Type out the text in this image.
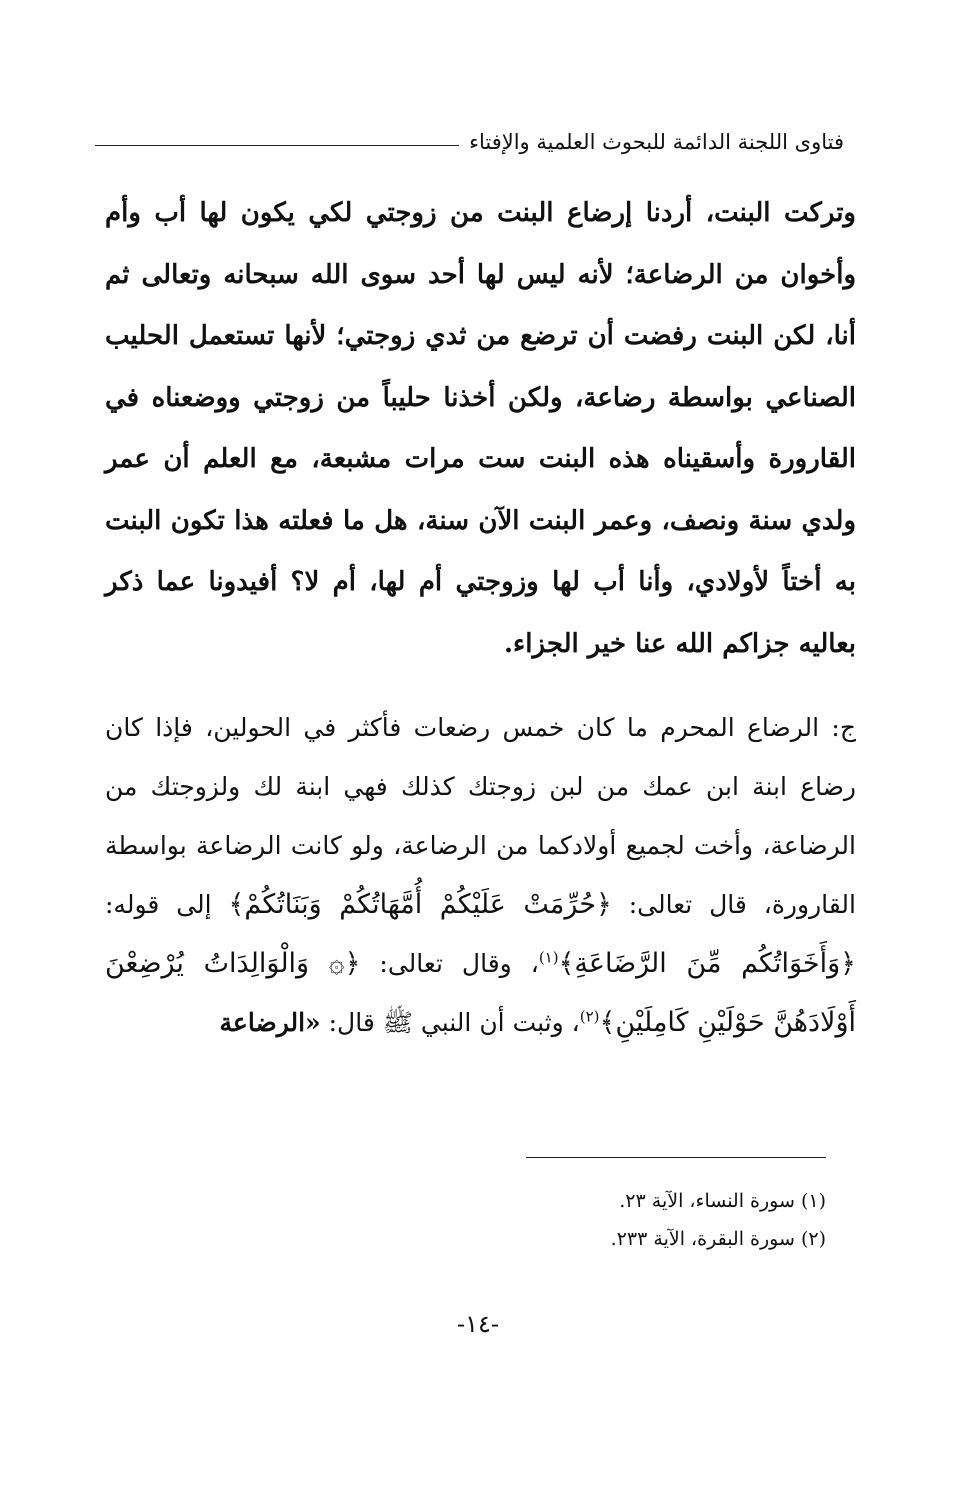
فتاوى اللجنة الدائمة للبحوث العلمية والإفتاء
وتركت البنت، أردنا إرضاع البنت من زوجتي لكي يكون لها أب وأم وأخوان من الرضاعة؛ لأنه ليس لها أحد سوى الله سبحانه وتعالى ثم أنا، لكن البنت رفضت أن ترضع من ثدي زوجتي؛ لأنها تستعمل الحليب الصناعي بواسطة رضاعة، ولكن أخذنا حليباً من زوجتي ووضعناه في القارورة وأسقيناه هذه البنت ست مرات مشبعة، مع العلم أن عمر ولدي سنة ونصف، وعمر البنت الآن سنة، هل ما فعلته هذا تكون البنت به أختاً لأولادي، وأنا أب لها وزوجتي أم لها، أم لا؟ أفيدونا عما ذكر بعاليه جزاكم الله عنا خير الجزاء.
ج: الرضاع المحرم ما كان خمس رضعات فأكثر في الحولين، فإذا كان رضاع ابنة ابن عمك من لبن زوجتك كذلك فهي ابنة لك ولزوجتك من الرضاعة، وأخت لجميع أولادكما من الرضاعة، ولو كانت الرضاعة بواسطة القارورة، قال تعالى: ﴿حُرِّمَتْ عَلَيْكُمْ أُمَّهَاتُكُمْ وَبَنَاتُكُمْ﴾ إلى قوله: ﴿وَأَخَوَاتُكُم مِّنَ الرَّضَاعَةِ﴾$^{(١)}$، وقال تعالى: ﴿۞ وَالْوَالِدَاتُ يُرْضِعْنَ أَوْلَادَهُنَّ حَوْلَيْنِ كَامِلَيْنِ﴾$^{(٢)}$، وثبت أن النبي ﷺ قال: «الرضاعة
(١) سورة النساء، الآية ٢٣.
(٢) سورة البقرة، الآية ٢٣٣.
-١٤-
